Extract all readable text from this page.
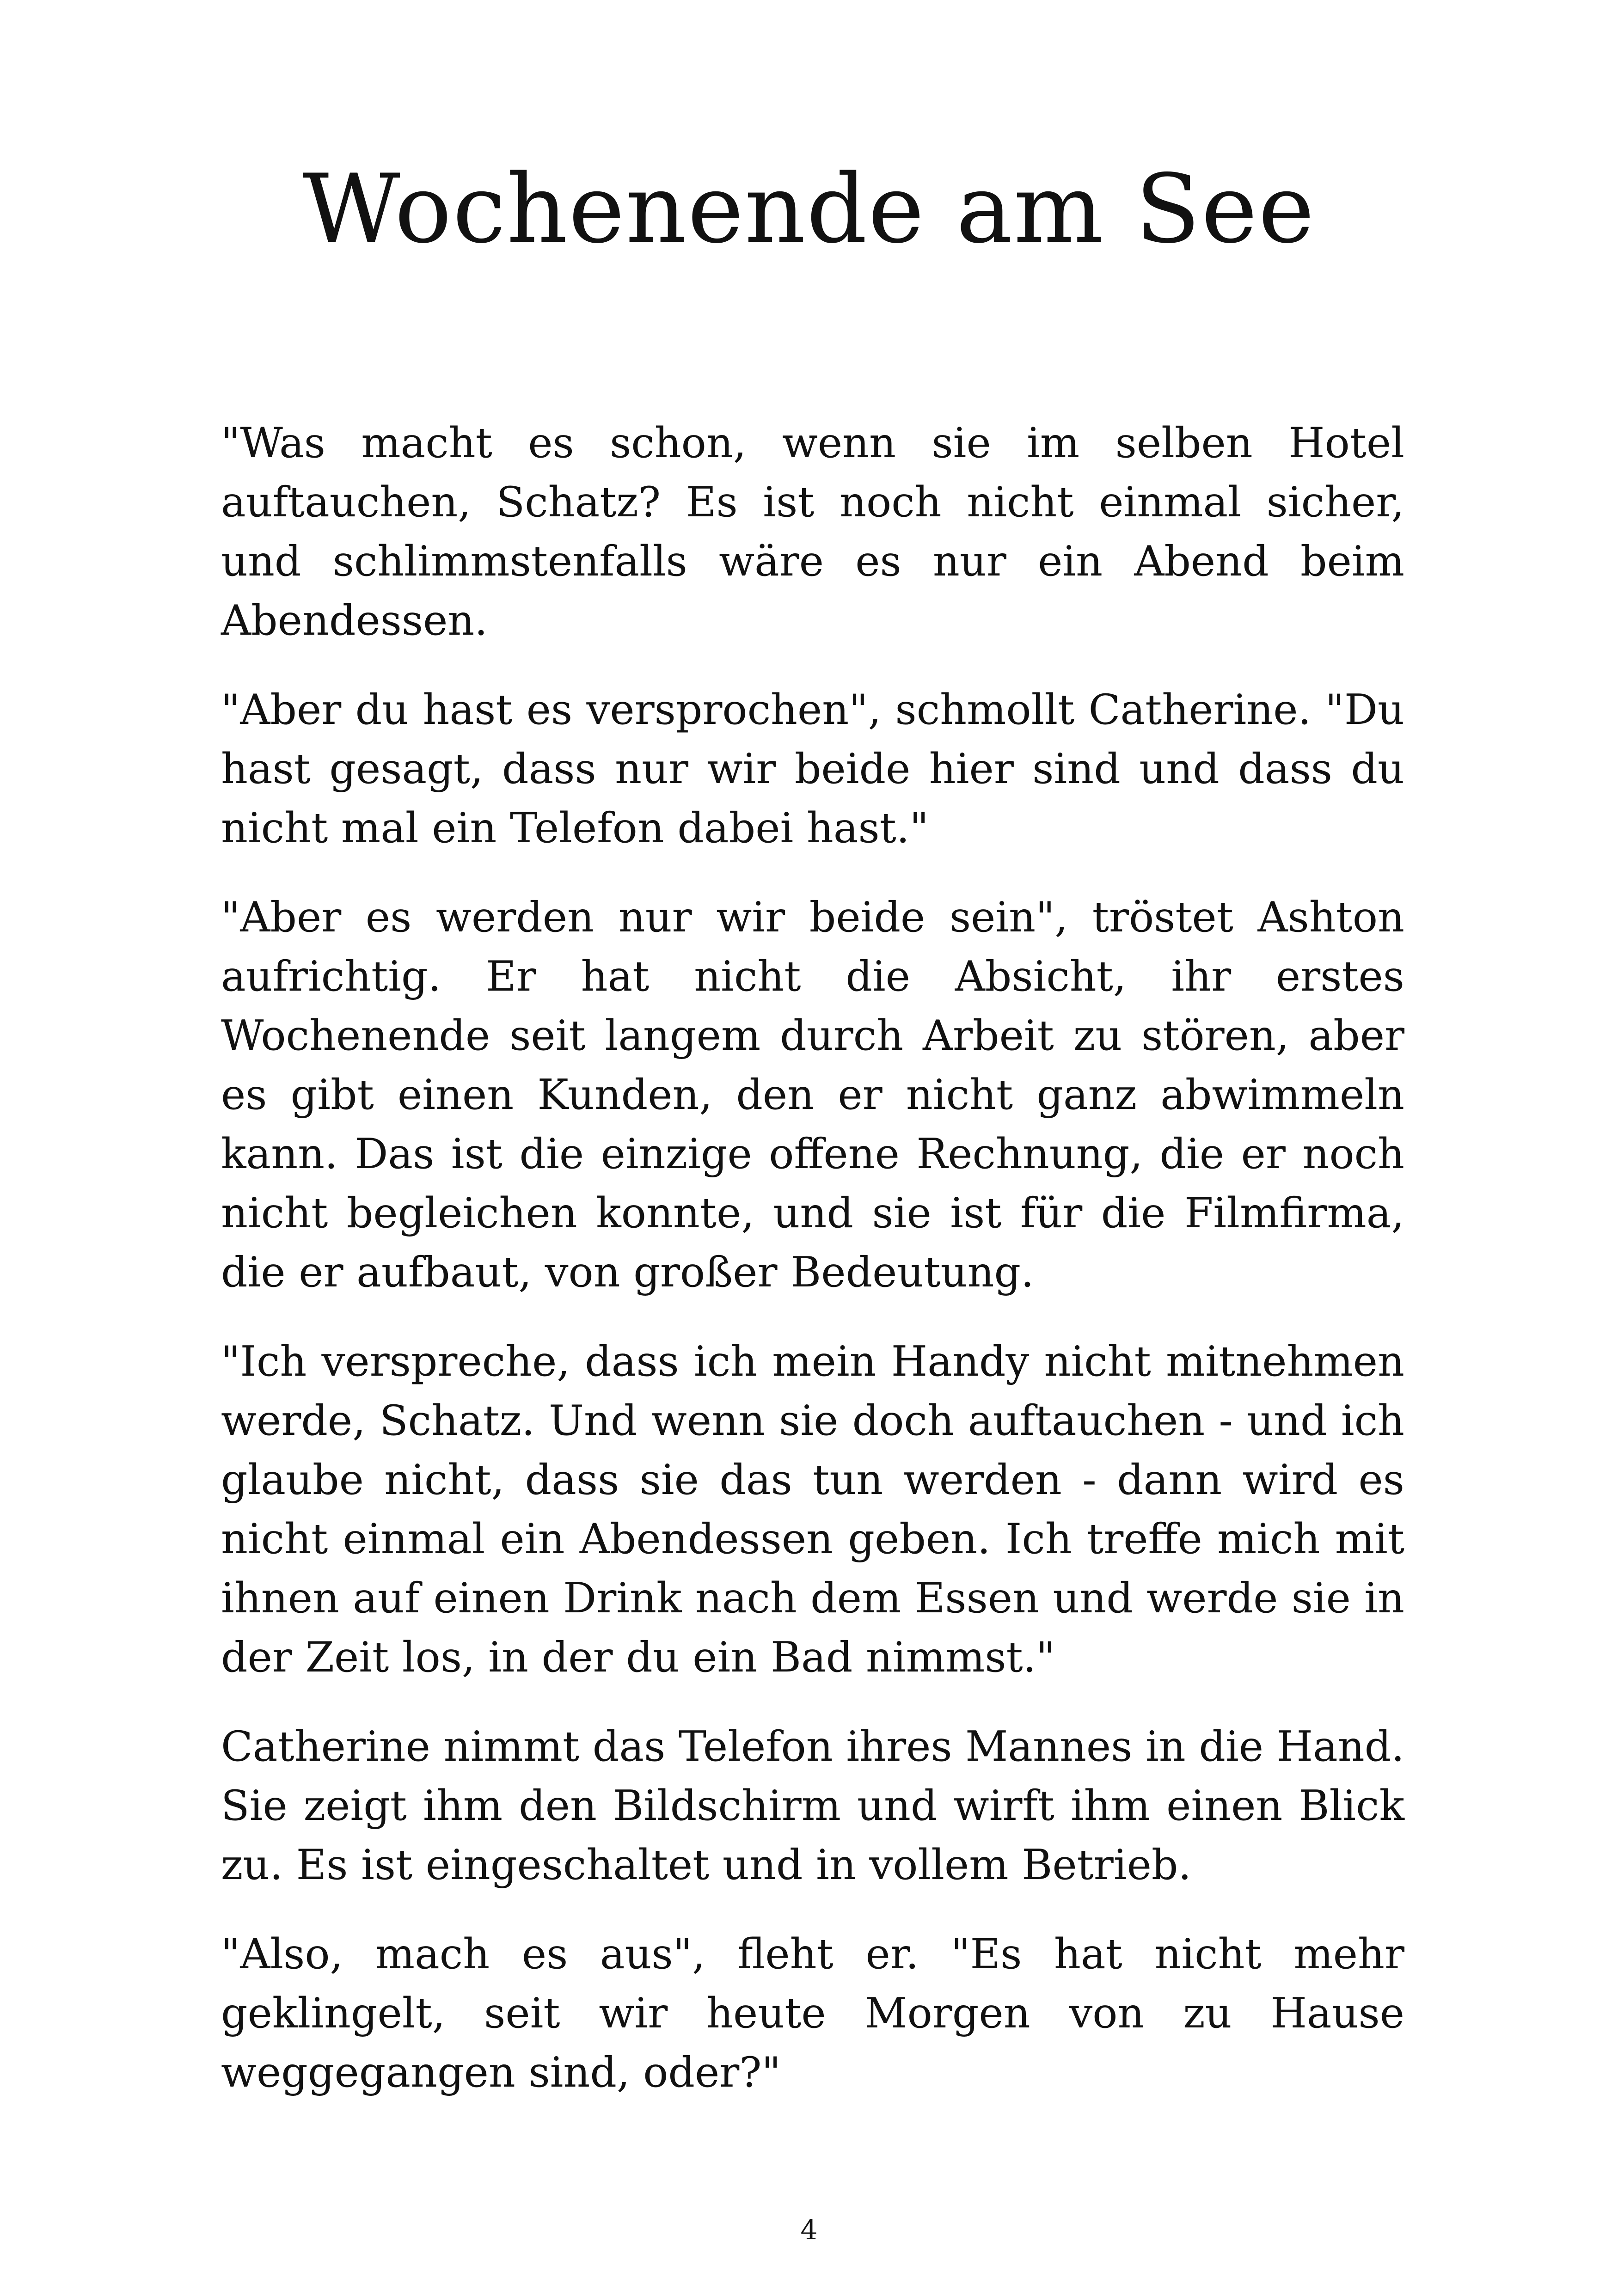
Wochenende am See

"Was macht es schon, wenn sie im selben Hotel auftauchen, Schatz? Es ist noch nicht einmal sicher, und schlimmstenfalls wäre es nur ein Abend beim Abendessen.

"Aber du hast es versprochen", schmollt Catherine. "Du hast gesagt, dass nur wir beide hier sind und dass du nicht mal ein Telefon dabei hast."

"Aber es werden nur wir beide sein", tröstet Ashton aufrichtig. Er hat nicht die Absicht, ihr erstes Wochenende seit langem durch Arbeit zu stören, aber es gibt einen Kunden, den er nicht ganz abwimmeln kann. Das ist die einzige offene Rechnung, die er noch nicht begleichen konnte, und sie ist für die Filmfirma, die er aufbaut, von großer Bedeutung.

"Ich verspreche, dass ich mein Handy nicht mitnehmen werde, Schatz. Und wenn sie doch auftauchen - und ich glaube nicht, dass sie das tun werden - dann wird es nicht einmal ein Abendessen geben. Ich treffe mich mit ihnen auf einen Drink nach dem Essen und werde sie in der Zeit los, in der du ein Bad nimmst."

Catherine nimmt das Telefon ihres Mannes in die Hand. Sie zeigt ihm den Bildschirm und wirft ihm einen Blick zu. Es ist eingeschaltet und in vollem Betrieb.

"Also, mach es aus", fleht er. "Es hat nicht mehr geklingelt, seit wir heute Morgen von zu Hause weggegangen sind, oder?"

4
